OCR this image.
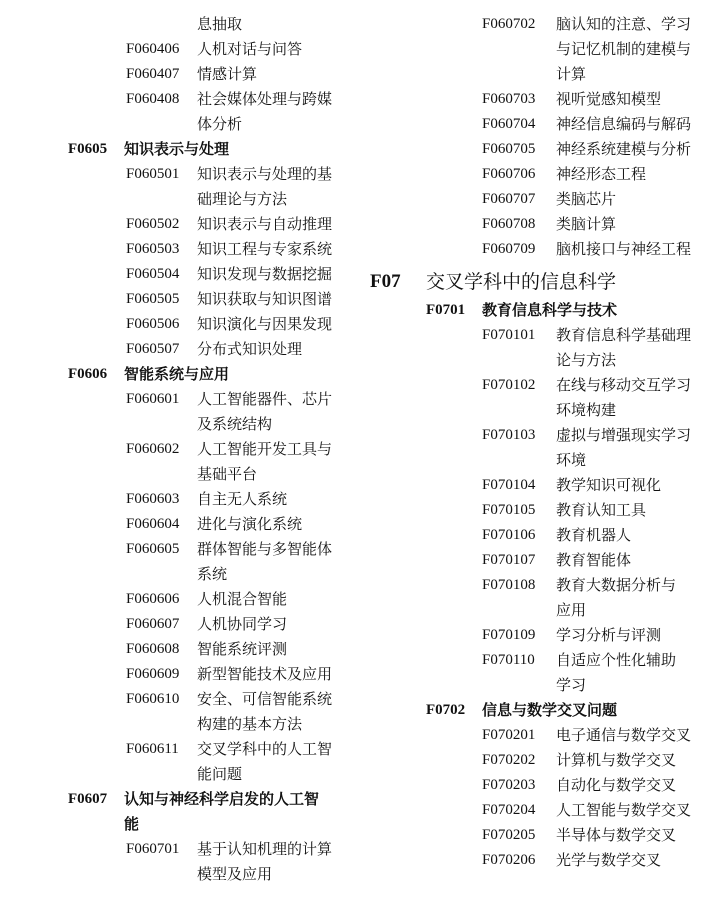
息抽取
F060406 人机对话与问答
F060407 情感计算
F060408 社会媒体处理与跨媒
体分析
F0605 知识表示与处理
F060501 知识表示与处理的基
础理论与方法
F060502 知识表示与自动推理
F060503 知识工程与专家系统
F060504 知识发现与数据挖掘
F060505 知识获取与知识图谱
F060506 知识演化与因果发现
F060507 分布式知识处理
F0606 智能系统与应用
F060601 人工智能器件、芯片
及系统结构
F060602 人工智能开发工具与
基础平台
F060603 自主无人系统
F060604 进化与演化系统
F060605 群体智能与多智能体
系统
F060606 人机混合智能
F060607 人机协同学习
F060608 智能系统评测
F060609 新型智能技术及应用
F060610 安全、可信智能系统
构建的基本方法
F060611 交叉学科中的人工智
能问题
F0607 认知与神经科学启发的人工智
能
F060701 基于认知机理的计算
模型及应用
F060702 脑认知的注意、学习
与记忆机制的建模与
计算
F060703 视听觉感知模型
F060704 神经信息编码与解码
F060705 神经系统建模与分析
F060706 神经形态工程
F060707 类脑芯片
F060708 类脑计算
F060709 脑机接口与神经工程
F07 交叉学科中的信息科学
F0701 教育信息科学与技术
F070101 教育信息科学基础理
论与方法
F070102 在线与移动交互学习
环境构建
F070103 虚拟与增强现实学习
环境
F070104 教学知识可视化
F070105 教育认知工具
F070106 教育机器人
F070107 教育智能体
F070108 教育大数据分析与
应用
F070109 学习分析与评测
F070110 自适应个性化辅助
学习
F0702 信息与数学交叉问题
F070201 电子通信与数学交叉
F070202 计算机与数学交叉
F070203 自动化与数学交叉
F070204 人工智能与数学交叉
F070205 半导体与数学交叉
F070206 光学与数学交叉
